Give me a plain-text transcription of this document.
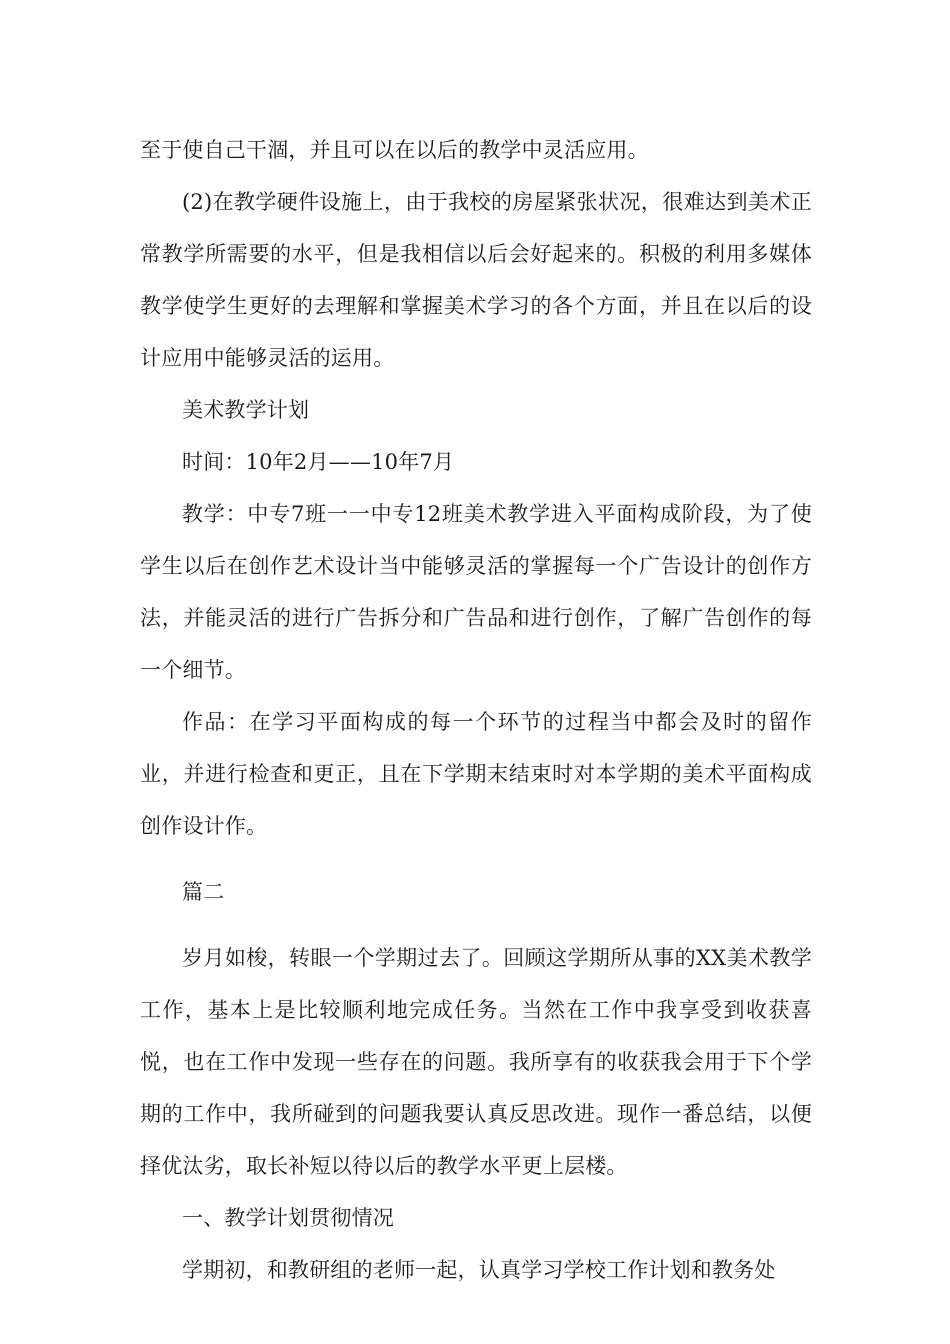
至于使自己干涸，并且可以在以后的教学中灵活应用。

(2)在教学硬件设施上，由于我校的房屋紧张状况，很难达到美术正常教学所需要的水平，但是我相信以后会好起来的。积极的利用多媒体教学使学生更好的去理解和掌握美术学习的各个方面，并且在以后的设计应用中能够灵活的运用。

美术教学计划

时间：10年2月——10年7月

教学：中专7班一一中专12班美术教学进入平面构成阶段，为了使学生以后在创作艺术设计当中能够灵活的掌握每一个广告设计的创作方法，并能灵活的进行广告拆分和广告品和进行创作，了解广告创作的每一个细节。

作品：在学习平面构成的每一个环节的过程当中都会及时的留作业，并进行检查和更正，且在下学期末结束时对本学期的美术平面构成创作设计作。

篇二

岁月如梭，转眼一个学期过去了。回顾这学期所从事的XX美术教学工作，基本上是比较顺利地完成任务。当然在工作中我享受到收获喜悦，也在工作中发现一些存在的问题。我所享有的收获我会用于下个学期的工作中，我所碰到的问题我要认真反思改进。现作一番总结，以便择优汰劣，取长补短以待以后的教学水平更上层楼。

一、教学计划贯彻情况

学期初，和教研组的老师一起，认真学习学校工作计划和教务处
